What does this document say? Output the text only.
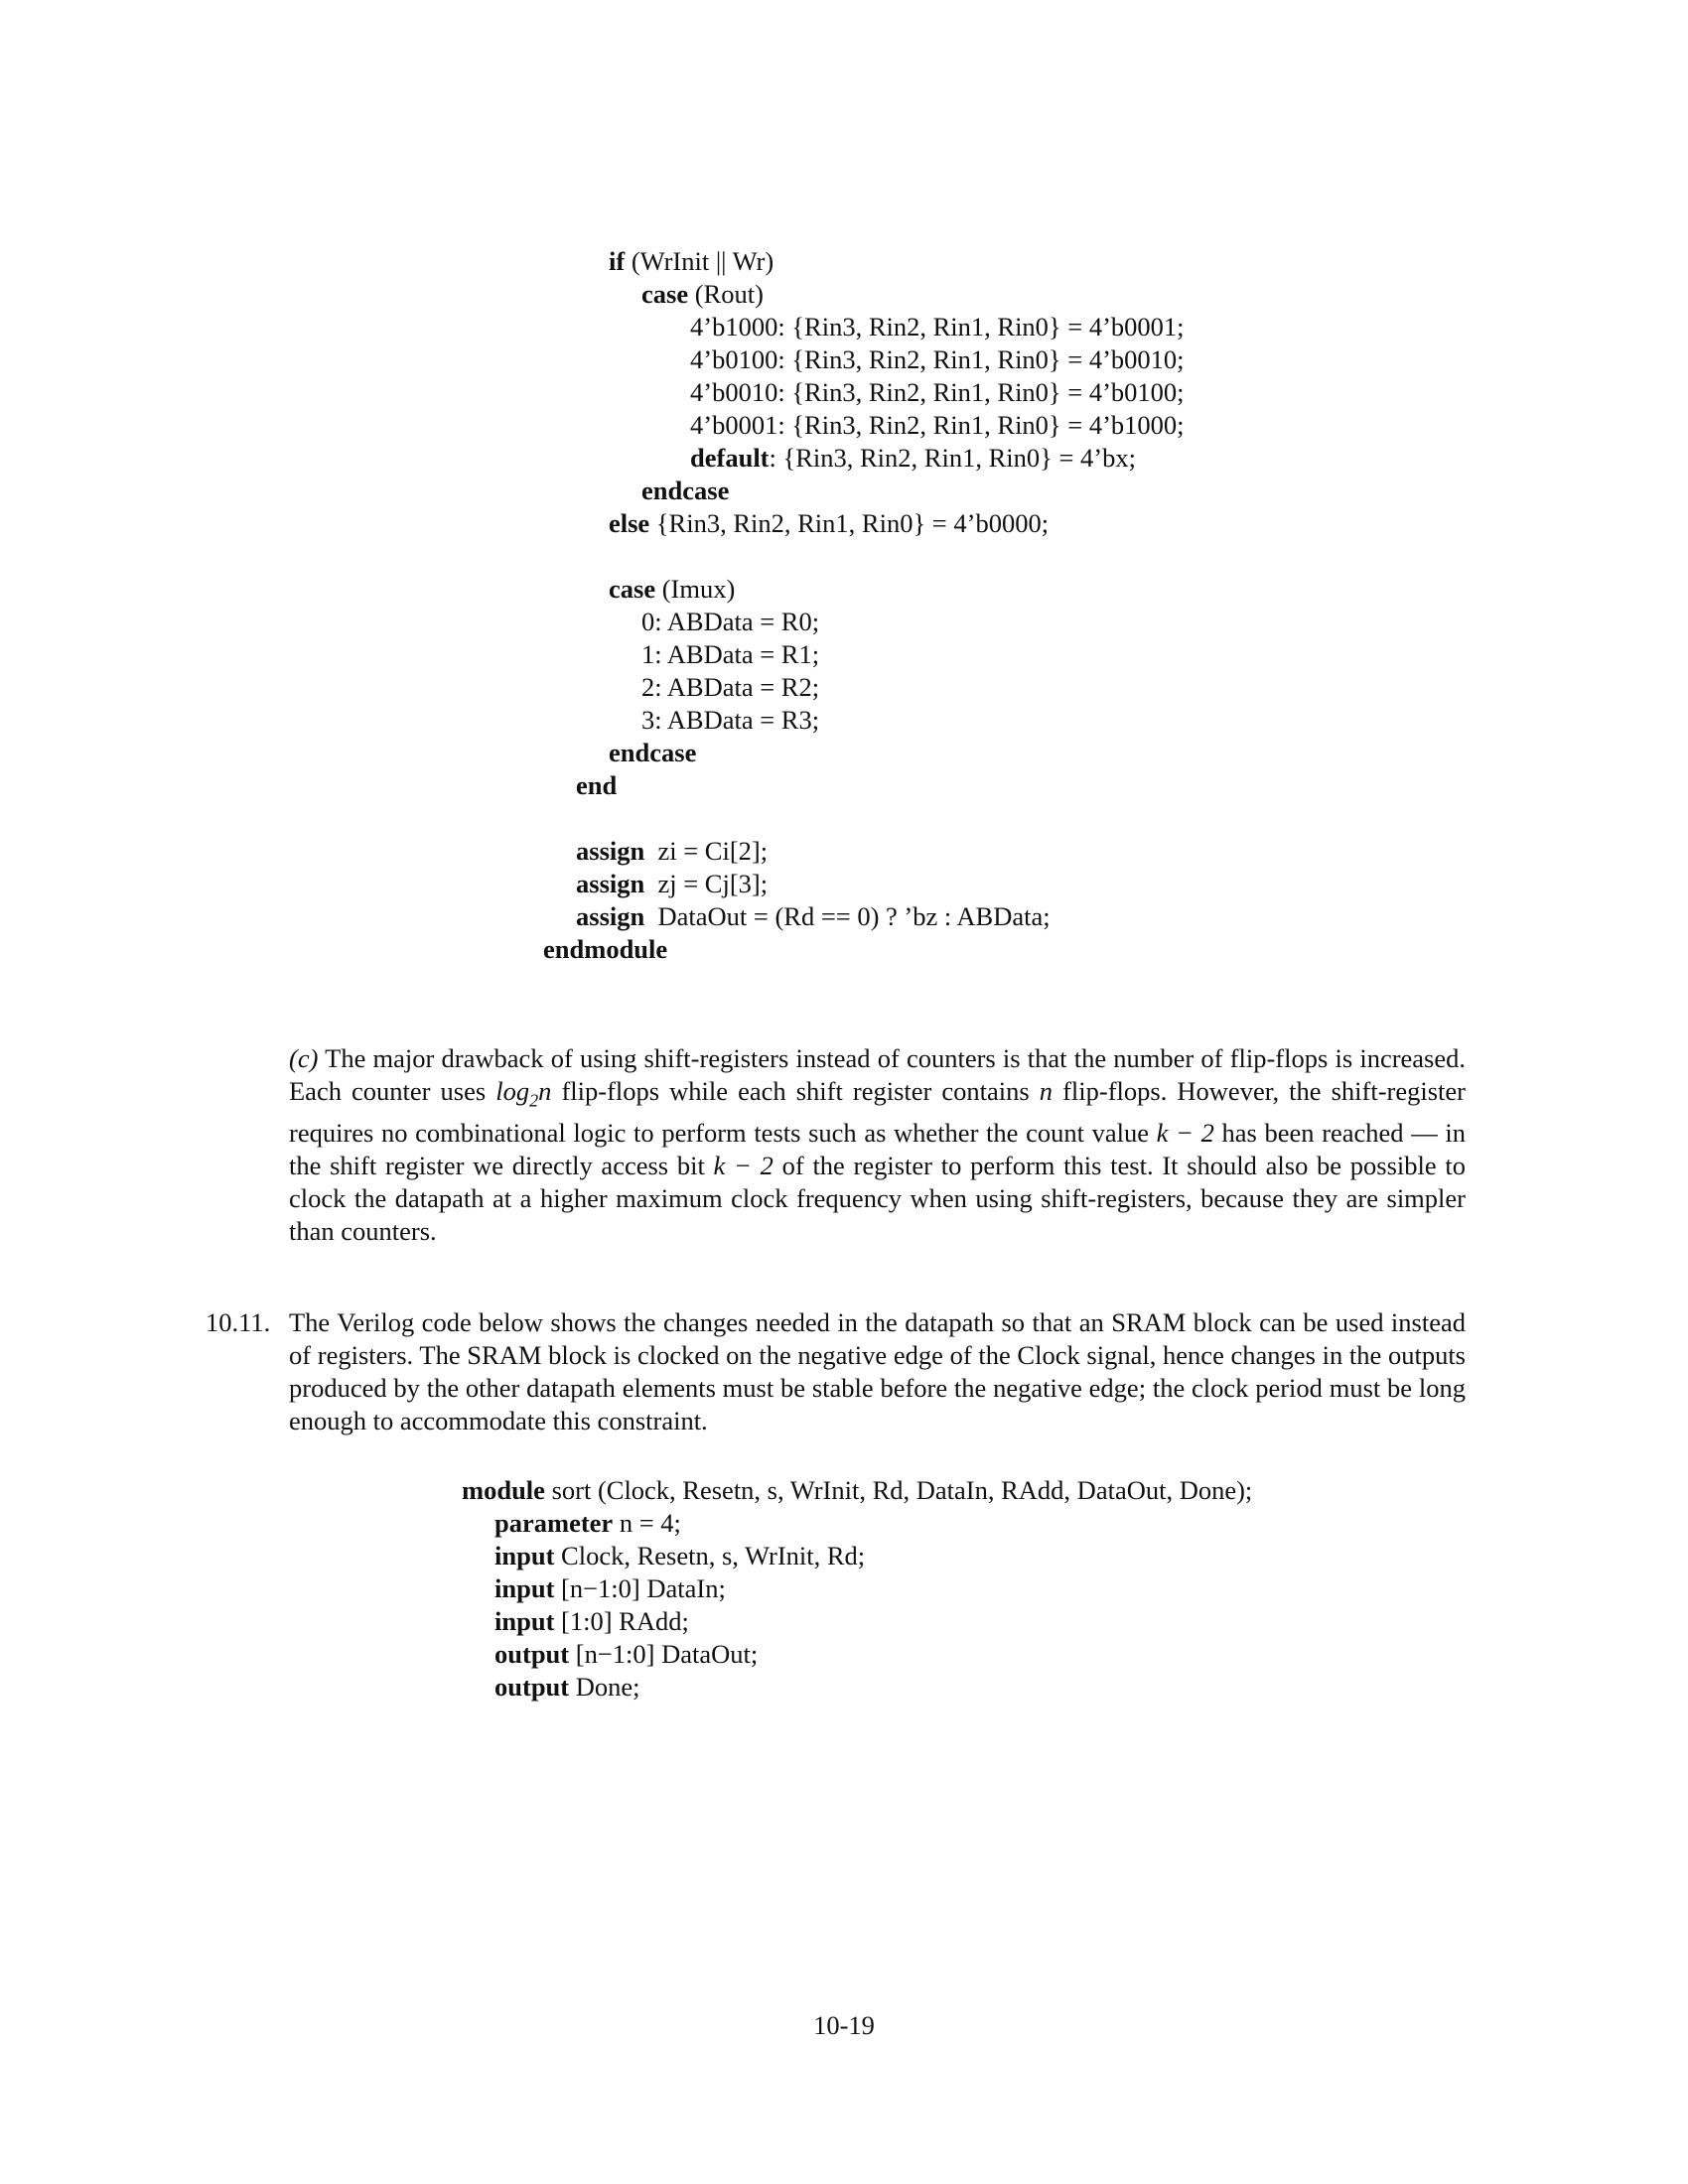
if (WrInit || Wr)
case (Rout)
4’b1000: {Rin3, Rin2, Rin1, Rin0} = 4’b0001;
4’b0100: {Rin3, Rin2, Rin1, Rin0} = 4’b0010;
4’b0010: {Rin3, Rin2, Rin1, Rin0} = 4’b0100;
4’b0001: {Rin3, Rin2, Rin1, Rin0} = 4’b1000;
default: {Rin3, Rin2, Rin1, Rin0} = 4’bx;
endcase
else {Rin3, Rin2, Rin1, Rin0} = 4’b0000;
case (Imux)
0: ABData = R0;
1: ABData = R1;
2: ABData = R2;
3: ABData = R3;
endcase
end
assign  zi = Ci[2];
assign  zj = Cj[3];
assign  DataOut = (Rd == 0) ? ’bz : ABData;
endmodule
(c) The major drawback of using shift-registers instead of counters is that the number of flip-flops is increased. Each counter uses $\log_2n$ flip-flops while each shift register contains n flip-flops. However, the shift-register requires no combinational logic to perform tests such as whether the count value k − 2 has been reached — in the shift register we directly access bit k − 2 of the register to perform this test. It should also be possible to clock the datapath at a higher maximum clock frequency when using shift-registers, because they are simpler than counters.
10.11. The Verilog code below shows the changes needed in the datapath so that an SRAM block can be used instead of registers. The SRAM block is clocked on the negative edge of the Clock signal, hence changes in the outputs produced by the other datapath elements must be stable before the negative edge; the clock period must be long enough to accommodate this constraint.
module sort (Clock, Resetn, s, WrInit, Rd, DataIn, RAdd, DataOut, Done);
parameter n = 4;
input Clock, Resetn, s, WrInit, Rd;
input [n−1:0] DataIn;
input [1:0] RAdd;
output [n−1:0] DataOut;
output Done;
10-19
